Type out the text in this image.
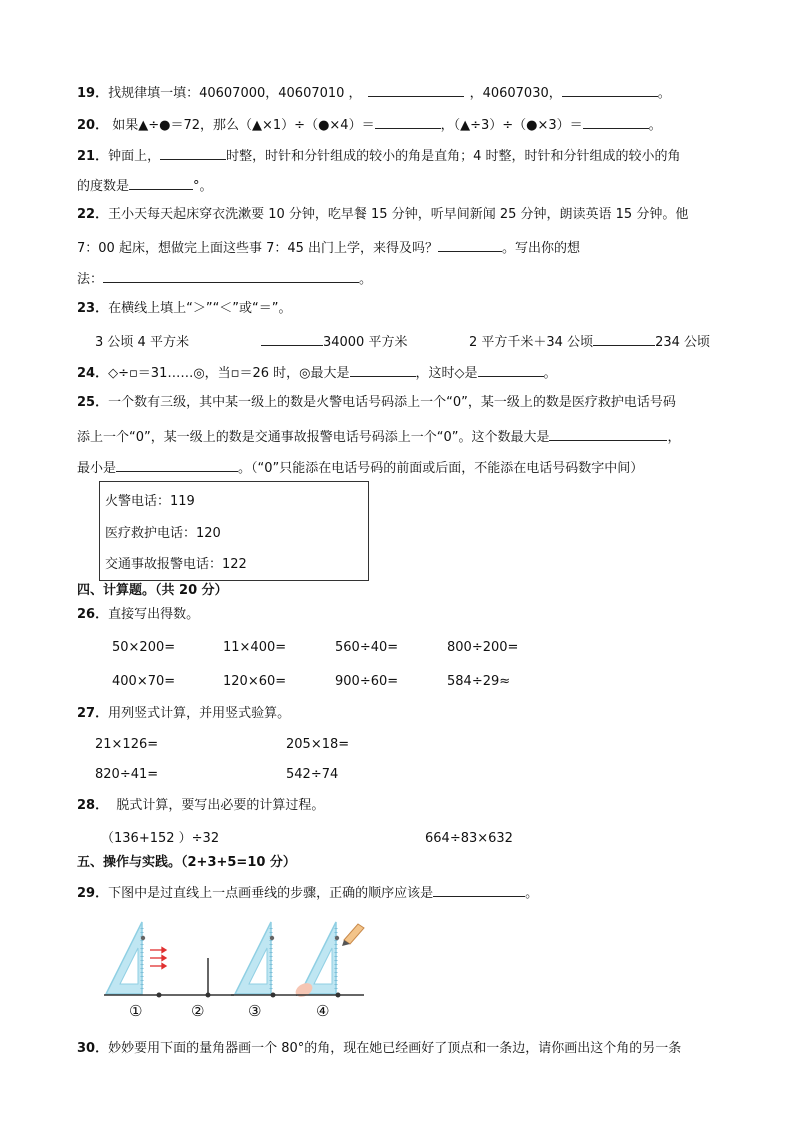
19．找规律填一填：40607000，40607010 ，	，40607030，	。
20． 如果▲÷●＝72，那么（▲×1）÷（●×4）＝	，（▲÷3）÷（●×3）＝	。
21．钟面上，	时整，时针和分针组成的较小的角是直角；4 时整，时针和分针组成的较小的角
的度数是	°。
22．王小天每天起床穿衣洗漱要 10 分钟，吃早餐 15 分钟，听早间新闻 25 分钟，朗读英语 15 分钟。他
7：00 起床，想做完上面这些事 7：45 出门上学，来得及吗？	。写出你的想
法：	。
23．在横线上填上“＞”“＜”或“＝”。
3 公顷 4 平方米	34000 平方米	2 平方千米＋34 公顷	234 公顷
24．◇÷▫＝31……◎，当▫＝26 时，◎最大是	，这时◇是	。
25．一个数有三级，其中某一级上的数是火警电话号码添上一个“0”，某一级上的数是医疗救护电话号码
添上一个“0”，某一级上的数是交通事故报警电话号码添上一个“0”。这个数最大是	，
最小是	。（“0”只能添在电话号码的前面或后面，不能添在电话号码数字中间）
火警电话：119
医疗救护电话：120
交通事故报警电话：122
四、计算题。（共 20 分）
26．直接写出得数。
50×200=	11×400=	560÷40=	800÷200=
400×70=	120×60=	900÷60=	584÷29≈
27．用列竖式计算，并用竖式验算。
21×126=	205×18=
820÷41=	542÷74
28． 脱式计算，要写出必要的计算过程。
（136+152 ）÷32	664÷83×632
五、操作与实践。（2+3+5=10 分）
29．下图中是过直线上一点画垂线的步骤，正确的顺序应该是	。
①	②	③	④
30．妙妙要用下面的量角器画一个 80°的角，现在她已经画好了顶点和一条边，请你画出这个角的另一条
